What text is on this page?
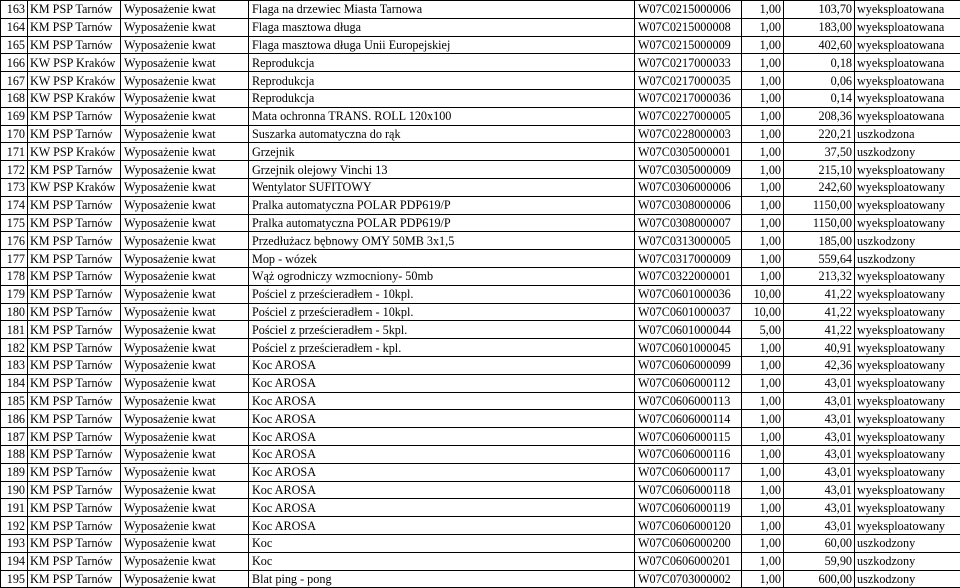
163	KM PSP Tarnów	Wyposażenie kwat	Flaga na drzewiec Miasta Tarnowa	W07C0215000006	1,00	103,70	wyeksploatowana
164	KM PSP Tarnów	Wyposażenie kwat	Flaga masztowa długa	W07C0215000008	1,00	183,00	wyeksploatowana
165	KM PSP Tarnów	Wyposażenie kwat	Flaga masztowa długa Unii Europejskiej	W07C0215000009	1,00	402,60	wyeksploatowana
166	KW PSP Kraków	Wyposażenie kwat	Reprodukcja	W07C0217000033	1,00	0,18	wyeksploatowana
167	KW PSP Kraków	Wyposażenie kwat	Reprodukcja	W07C0217000035	1,00	0,06	wyeksploatowana
168	KW PSP Kraków	Wyposażenie kwat	Reprodukcja	W07C0217000036	1,00	0,14	wyeksploatowana
169	KM PSP Tarnów	Wyposażenie kwat	Mata ochronna TRANS. ROLL 120x100	W07C0227000005	1,00	208,36	wyeksploatowana
170	KM PSP Tarnów	Wyposażenie kwat	Suszarka automatyczna do rąk	W07C0228000003	1,00	220,21	uszkodzona
171	KW PSP Kraków	Wyposażenie kwat	Grzejnik	W07C0305000001	1,00	37,50	uszkodzony
172	KM PSP Tarnów	Wyposażenie kwat	Grzejnik olejowy Vinchi 13	W07C0305000009	1,00	215,10	wyeksploatowany
173	KW PSP Kraków	Wyposażenie kwat	Wentylator SUFITOWY	W07C0306000006	1,00	242,60	wyeksploatowany
174	KM PSP Tarnów	Wyposażenie kwat	Pralka automatyczna POLAR PDP619/P	W07C0308000006	1,00	1150,00	wyeksploatowany
175	KM PSP Tarnów	Wyposażenie kwat	Pralka automatyczna POLAR PDP619/P	W07C0308000007	1,00	1150,00	wyeksploatowany
176	KM PSP Tarnów	Wyposażenie kwat	Przedłużacz bębnowy OMY 50MB 3x1,5	W07C0313000005	1,00	185,00	uszkodzony
177	KM PSP Tarnów	Wyposażenie kwat	Mop - wózek	W07C0317000009	1,00	559,64	uszkodzony
178	KM PSP Tarnów	Wyposażenie kwat	Wąż ogrodniczy wzmocniony- 50mb	W07C0322000001	1,00	213,32	wyeksploatowany
179	KM PSP Tarnów	Wyposażenie kwat	Pościel z prześcieradłem - 10kpl.	W07C0601000036	10,00	41,22	wyeksploatowany
180	KM PSP Tarnów	Wyposażenie kwat	Pościel z prześcieradłem - 10kpl.	W07C0601000037	10,00	41,22	wyeksploatowany
181	KM PSP Tarnów	Wyposażenie kwat	Pościel z prześcieradłem - 5kpl.	W07C0601000044	5,00	41,22	wyeksploatowany
182	KM PSP Tarnów	Wyposażenie kwat	Pościel z prześcieradłem - kpl.	W07C0601000045	1,00	40,91	wyeksploatowany
183	KM PSP Tarnów	Wyposażenie kwat	Koc AROSA	W07C0606000099	1,00	42,36	wyeksploatowany
184	KM PSP Tarnów	Wyposażenie kwat	Koc AROSA	W07C0606000112	1,00	43,01	wyeksploatowany
185	KM PSP Tarnów	Wyposażenie kwat	Koc AROSA	W07C0606000113	1,00	43,01	wyeksploatowany
186	KM PSP Tarnów	Wyposażenie kwat	Koc AROSA	W07C0606000114	1,00	43,01	wyeksploatowany
187	KM PSP Tarnów	Wyposażenie kwat	Koc AROSA	W07C0606000115	1,00	43,01	wyeksploatowany
188	KM PSP Tarnów	Wyposażenie kwat	Koc AROSA	W07C0606000116	1,00	43,01	wyeksploatowany
189	KM PSP Tarnów	Wyposażenie kwat	Koc AROSA	W07C0606000117	1,00	43,01	wyeksploatowany
190	KM PSP Tarnów	Wyposażenie kwat	Koc AROSA	W07C0606000118	1,00	43,01	wyeksploatowany
191	KM PSP Tarnów	Wyposażenie kwat	Koc AROSA	W07C0606000119	1,00	43,01	wyeksploatowany
192	KM PSP Tarnów	Wyposażenie kwat	Koc AROSA	W07C0606000120	1,00	43,01	wyeksploatowany
193	KM PSP Tarnów	Wyposażenie kwat	Koc	W07C0606000200	1,00	60,00	uszkodzony
194	KM PSP Tarnów	Wyposażenie kwat	Koc	W07C0606000201	1,00	59,90	uszkodzony
195	KM PSP Tarnów	Wyposażenie kwat	Blat ping - pong	W07C0703000002	1,00	600,00	uszkodzony
